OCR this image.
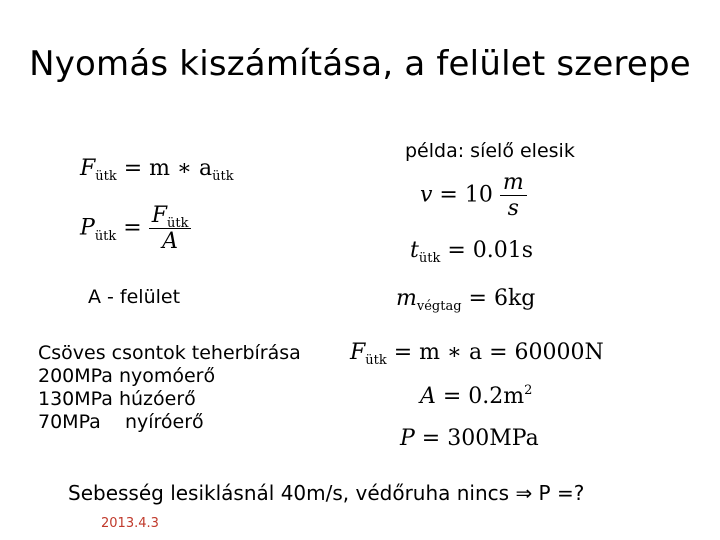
Nyomás kiszámítása, a felület szerepe
példa: síelő elesik
$F_{ütk} = m$ ∗ $a_{ütk}$
$P_{ütk} = \frac{F_{ütk}}{A}$
A - felület
Csöves csontok teherbírása
200MPa nyomóerő
130MPa húzóerő
70MPa    nyíróerő
$v = 10 \frac{m}{s}$
$t_{ütk} = 0.01s$
$m_{végtag} = 6kg$
$F_{ütk} = m$ ∗ a = 60000N
$A = 0.2m^2$
P = 300MPa
Sebesség lesiklásnál 40m/s, védőruha nincs ⇒ P =?
2013.4.3
